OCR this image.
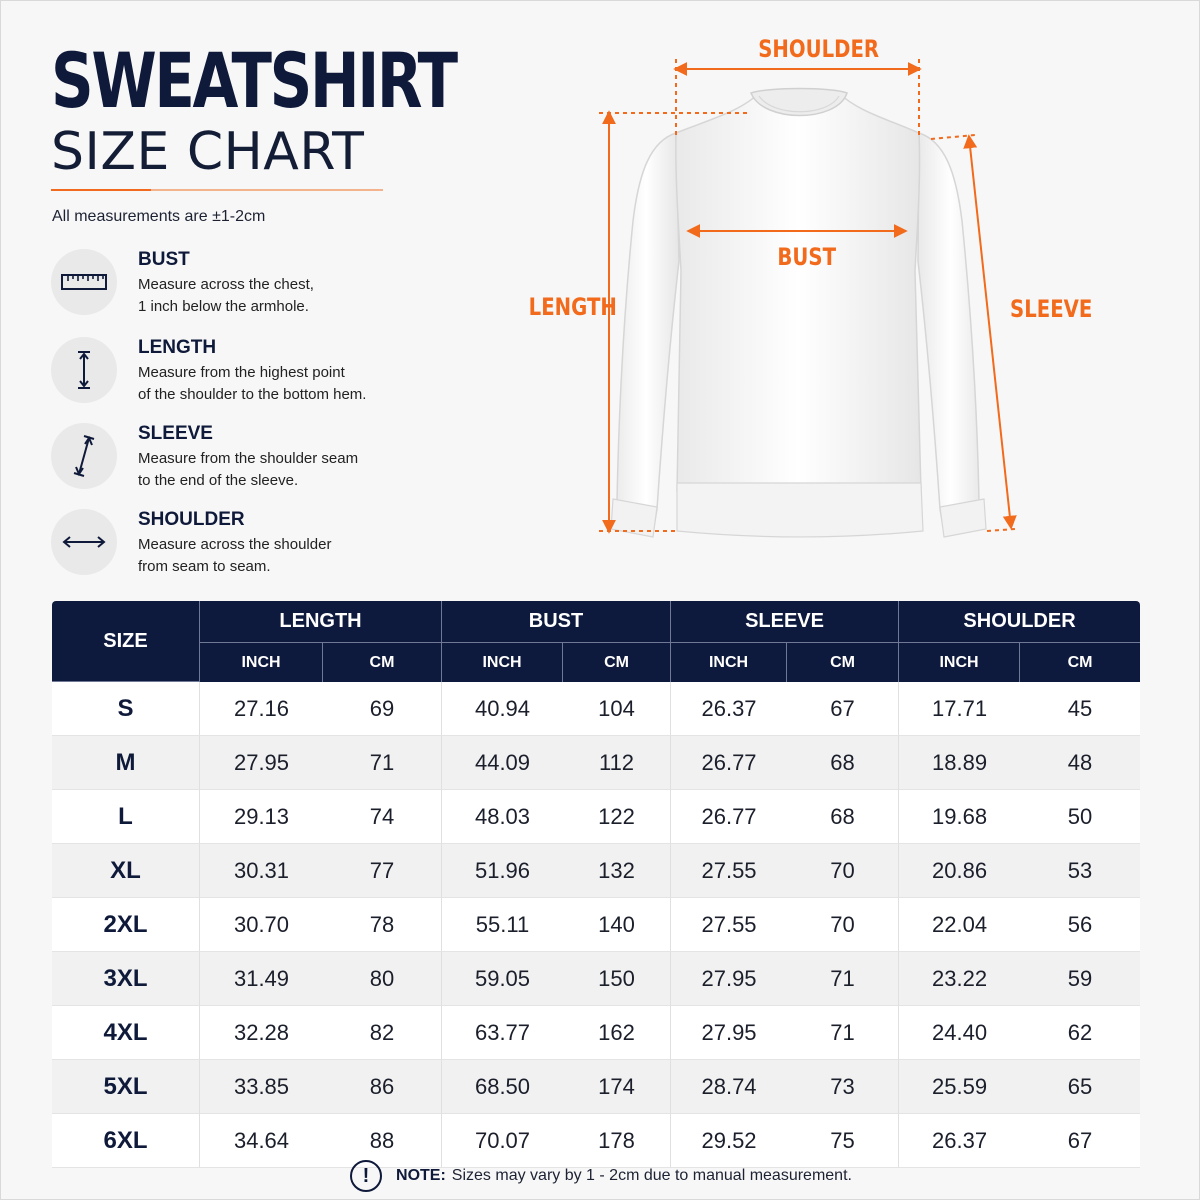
SWEATSHIRT
SIZE CHART
All measurements are ±1-2cm
BUST
Measure across the chest,
1 inch below the armhole.
LENGTH
Measure from the highest point
of the shoulder to the bottom hem.
SLEEVE
Measure from the shoulder seam
to the end of the sleeve.
SHOULDER
Measure across the shoulder
from seam to seam.
SHOULDER
BUST
LENGTH	SLEEVE
SIZE	LENGTH		BUST		SLEEVE		SHOULDER	
	INCH	CM	INCH	CM	INCH	CM	INCH	CM
S	27.16	69	40.94	104	26.37	67	17.71	45
M	27.95	71	44.09	112	26.77	68	18.89	48
L	29.13	74	48.03	122	26.77	68	19.68	50
XL	30.31	77	51.96	132	27.55	70	20.86	53
2XL	30.70	78	55.11	140	27.55	70	22.04	56
3XL	31.49	80	59.05	150	27.95	71	23.22	59
4XL	32.28	82	63.77	162	27.95	71	24.40	62
5XL	33.85	86	68.50	174	28.74	73	25.59	65
6XL	34.64	88	70.07	178	29.52	75	26.37	67
!	NOTE: Sizes may vary by 1 - 2cm due to manual measurement.
